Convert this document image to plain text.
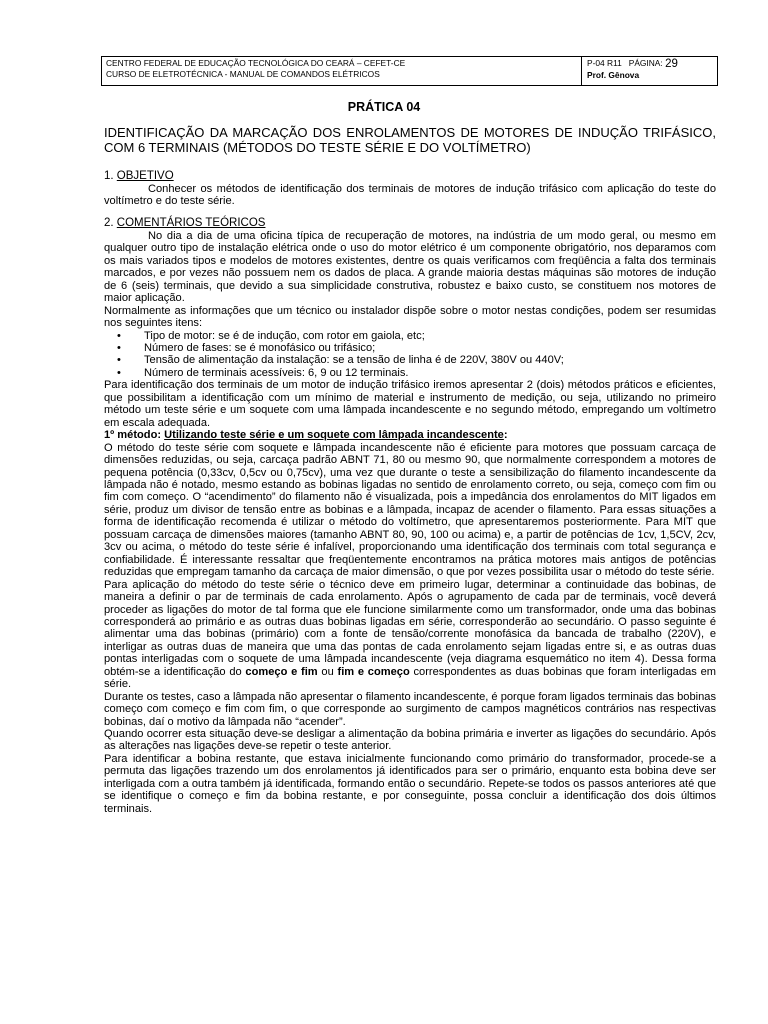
CENTRO FEDERAL DE EDUCAÇÃO TECNOLÓGICA DO CEARÁ – CEFET-CE
CURSO DE ELETROTÉCNICA - MANUAL DE COMANDOS ELÉTRICOS
P-04 R11 PÁGINA: 29
Prof. Gênova
PRÁTICA 04
IDENTIFICAÇÃO DA MARCAÇÃO DOS ENROLAMENTOS DE MOTORES DE INDUÇÃO TRIFÁSICO, COM 6 TERMINAIS (MÉTODOS DO TESTE SÉRIE E DO VOLTÍMETRO)
1. OBJETIVO

Conhecer os métodos de identificação dos terminais de motores de indução trifásico com aplicação do teste do voltímetro e do teste série.

2. COMENTÁRIOS TEÓRICOS

No dia a dia de uma oficina típica de recuperação de motores, na indústria de um modo geral, ou mesmo em qualquer outro tipo de instalação elétrica onde o uso do motor elétrico é um componente obrigatório, nos deparamos com os mais variados tipos e modelos de motores existentes, dentre os quais verificamos com freqüência a falta dos terminais marcados, e por vezes não possuem nem os dados de placa. A grande maioria destas máquinas são motores de indução de 6 (seis) terminais, que devido a sua simplicidade construtiva, robustez e baixo custo, se constituem nos motores de maior aplicação.

Normalmente as informações que um técnico ou instalador dispõe sobre o motor nestas condições, podem ser resumidas nos seguintes itens:

• Tipo de motor: se é de indução, com rotor em gaiola, etc;
• Número de fases: se é monofásico ou trifásico;
• Tensão de alimentação da instalação: se a tensão de linha é de 220V, 380V ou 440V;
• Número de terminais acessíveis: 6, 9 ou 12 terminais.

Para identificação dos terminais de um motor de indução trifásico iremos apresentar 2 (dois) métodos práticos e eficientes, que possibilitam a identificação com um mínimo de material e instrumento de medição, ou seja, utilizando no primeiro método um teste série e um soquete com uma lâmpada incandescente e no segundo método, empregando um voltímetro em escala adequada.

1º método: Utilizando teste série e um soquete com lâmpada incandescente:

O método do teste série com soquete e lâmpada incandescente não é eficiente para motores que possuam carcaça de dimensões reduzidas, ou seja, carcaça padrão ABNT 71, 80 ou mesmo 90, que normalmente correspondem a motores de pequena potência (0,33cv, 0,5cv ou 0,75cv), uma vez que durante o teste a sensibilização do filamento incandescente da lâmpada não é notado, mesmo estando as bobinas ligadas no sentido de enrolamento correto, ou seja, começo com fim ou fim com começo. O “acendimento” do filamento não é visualizada, pois a impedância dos enrolamentos do MIT ligados em série, produz um divisor de tensão entre as bobinas e a lâmpada, incapaz de acender o filamento. Para essas situações a forma de identificação recomenda é utilizar o método do voltímetro, que apresentaremos posteriormente. Para MIT que possuam carcaça de dimensões maiores (tamanho ABNT 80, 90, 100 ou acima) e, a partir de potências de 1cv, 1,5CV, 2cv, 3cv ou acima, o método do teste série é infalível, proporcionando uma identificação dos terminais com total segurança e confiabilidade. É interessante ressaltar que freqüentemente encontramos na prática motores mais antigos de potências reduzidas que empregam tamanho da carcaça de maior dimensão, o que por vezes possibilita usar o método do teste série.

Para aplicação do método do teste série o técnico deve em primeiro lugar, determinar a continuidade das bobinas, de maneira a definir o par de terminais de cada enrolamento. Após o agrupamento de cada par de terminais, você deverá proceder as ligações do motor de tal forma que ele funcione similarmente como um transformador, onde uma das bobinas corresponderá ao primário e as outras duas bobinas ligadas em série, corresponderão ao secundário. O passo seguinte é alimentar uma das bobinas (primário) com a fonte de tensão/corrente monofásica da bancada de trabalho (220V), e interligar as outras duas de maneira que uma das pontas de cada enrolamento sejam ligadas entre si, e as outras duas pontas interligadas com o soquete de uma lâmpada incandescente (veja diagrama esquemático no item 4). Dessa forma obtém-se a identificação do começo e fim ou fim e começo correspondentes as duas bobinas que foram interligadas em série.

Durante os testes, caso a lâmpada não apresentar o filamento incandescente, é porque foram ligados terminais das bobinas começo com começo e fim com fim, o que corresponde ao surgimento de campos magnéticos contrários nas respectivas bobinas, daí o motivo da lâmpada não “acender”.

Quando ocorrer esta situação deve-se desligar a alimentação da bobina primária e inverter as ligações do secundário. Após as alterações nas ligações deve-se repetir o teste anterior.

Para identificar a bobina restante, que estava inicialmente funcionando como primário do transformador, procede-se a permuta das ligações trazendo um dos enrolamentos já identificados para ser o primário, enquanto esta bobina deve ser interligada com a outra também já identificada, formando então o secundário. Repete-se todos os passos anteriores até que se identifique o começo e fim da bobina restante, e por conseguinte, possa concluir a identificação dos dois últimos terminais.
